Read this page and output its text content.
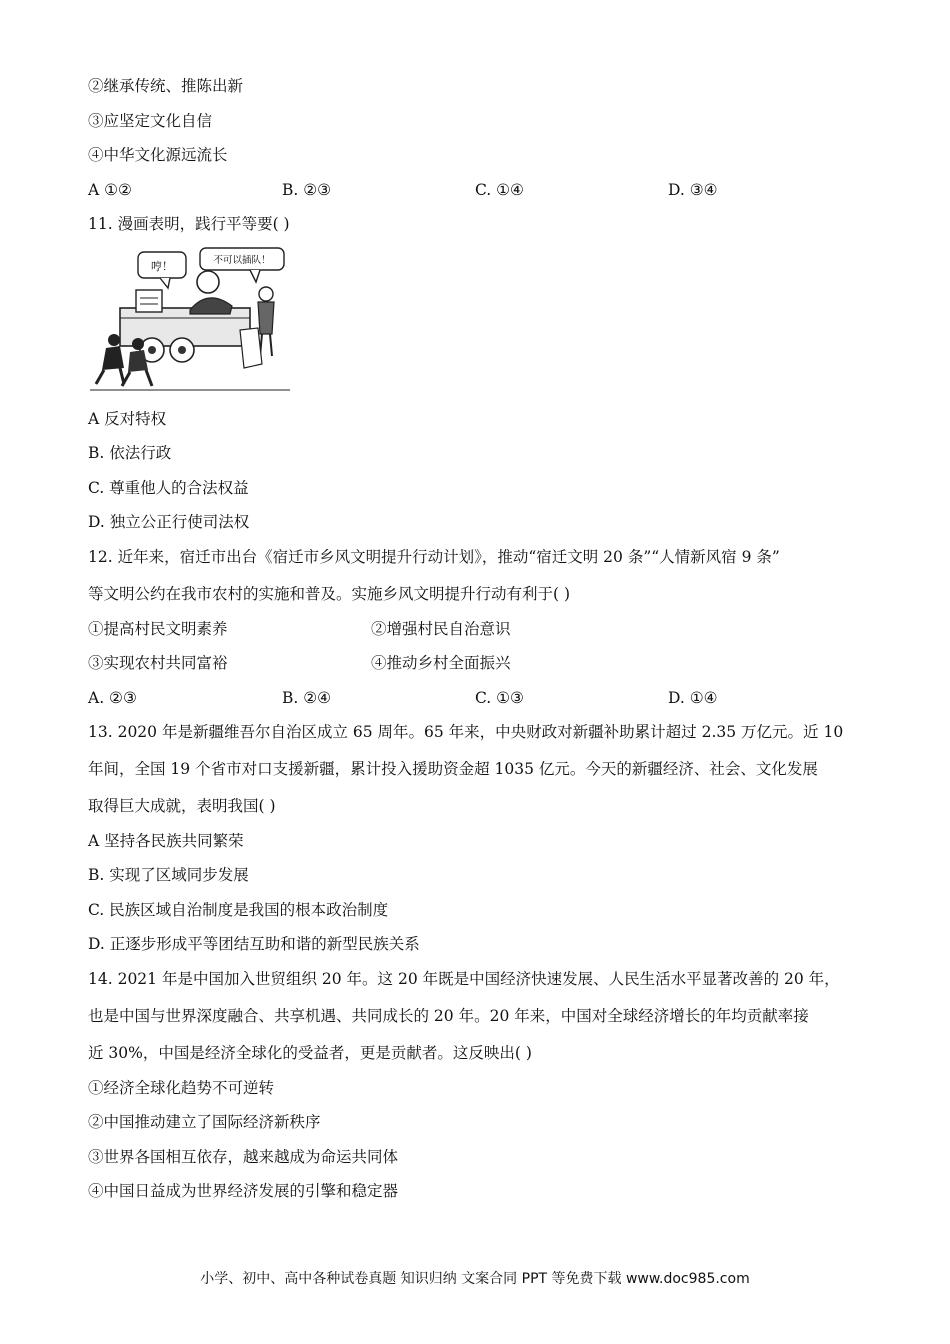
②继承传统、推陈出新
③应坚定文化自信
④中华文化源远流长
A ①②	B. ②③	C. ①④	D. ③④
11. 漫画表明，践行平等要( )
哼！	不可以插队！
A 反对特权
B. 依法行政
C. 尊重他人的合法权益
D. 独立公正行使司法权
12. 近年来，宿迁市出台《宿迁市乡风文明提升行动计划》，推动“宿迁文明 20 条”“人情新风宿 9 条”
等文明公约在我市农村的实施和普及。实施乡风文明提升行动有利于( )
①提高村民文明素养	②增强村民自治意识
③实现农村共同富裕	④推动乡村全面振兴
A. ②③	B. ②④	C. ①③	D. ①④
13. 2020 年是新疆维吾尔自治区成立 65 周年。65 年来，中央财政对新疆补助累计超过 2.35 万亿元。近 10
年间，全国 19 个省市对口支援新疆，累计投入援助资金超 1035 亿元。今天的新疆经济、社会、文化发展
取得巨大成就，表明我国( )
A 坚持各民族共同繁荣
B. 实现了区域同步发展
C. 民族区域自治制度是我国的根本政治制度
D. 正逐步形成平等团结互助和谐的新型民族关系
14. 2021 年是中国加入世贸组织 20 年。这 20 年既是中国经济快速发展、人民生活水平显著改善的 20 年，
也是中国与世界深度融合、共享机遇、共同成长的 20 年。20 年来，中国对全球经济增长的年均贡献率接
近 30%，中国是经济全球化的受益者，更是贡献者。这反映出( )
①经济全球化趋势不可逆转
②中国推动建立了国际经济新秩序
③世界各国相互依存，越来越成为命运共同体
④中国日益成为世界经济发展的引擎和稳定器
小学、初中、高中各种试卷真题 知识归纳 文案合同 PPT 等免费下载 www.doc985.com
